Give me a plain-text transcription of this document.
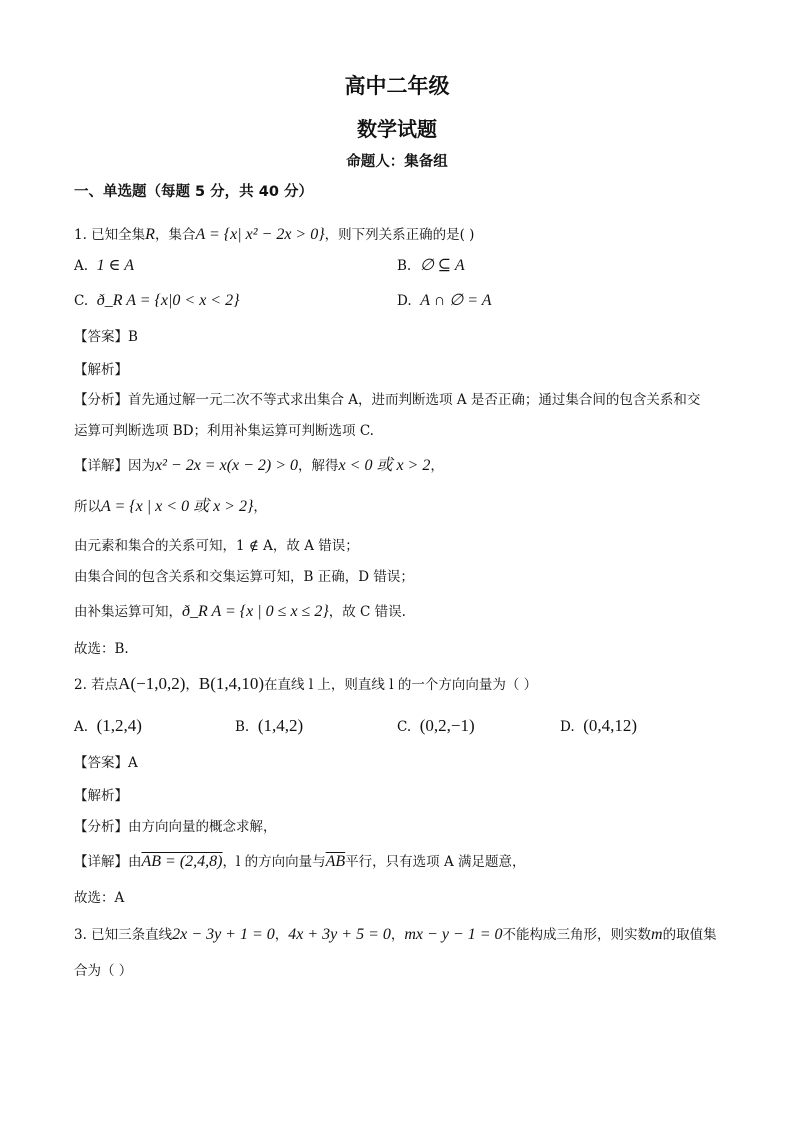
高中二年级
数学试题
命题人：集备组
一、单选题（每题 5 分，共 40 分）
1. 已知全集R，集合A = {x| x² − 2x > 0}，则下列关系正确的是( )
A. 1 ∈ A	B. ∅ ⊆ A
C. ð_R A = {x|0 < x < 2}	D. A ∩ ∅ = A
【答案】B
【解析】
【分析】首先通过解一元二次不等式求出集合 A，进而判断选项 A 是否正确；通过集合间的包含关系和交
运算可判断选项 BD；利用补集运算可判断选项 C.
【详解】因为x² − 2x = x(x − 2) > 0，解得x < 0 或 x > 2，
所以A = {x | x < 0 或 x > 2}，
由元素和集合的关系可知，1 ∉ A，故 A 错误；
由集合间的包含关系和交集运算可知，B 正确，D 错误；
由补集运算可知，ð_R A = {x | 0 ≤ x ≤ 2}，故 C 错误.
故选：B.
2. 若点A(−1,0,2)，B(1,4,10)在直线 l 上，则直线 l 的一个方向向量为（ ）
A. (1,2,4)	B. (1,4,2)	C. (0,2,−1)	D. (0,4,12)
【答案】A
【解析】
【分析】由方向向量的概念求解，
【详解】由AB = (2,4,8)，l 的方向向量与$\overline{AB}$平行，只有选项 A 满足题意，
故选：A
3. 已知三条直线2x − 3y + 1 = 0，4x + 3y + 5 = 0，mx − y − 1 = 0不能构成三角形，则实数m的取值集
合为（ ）
